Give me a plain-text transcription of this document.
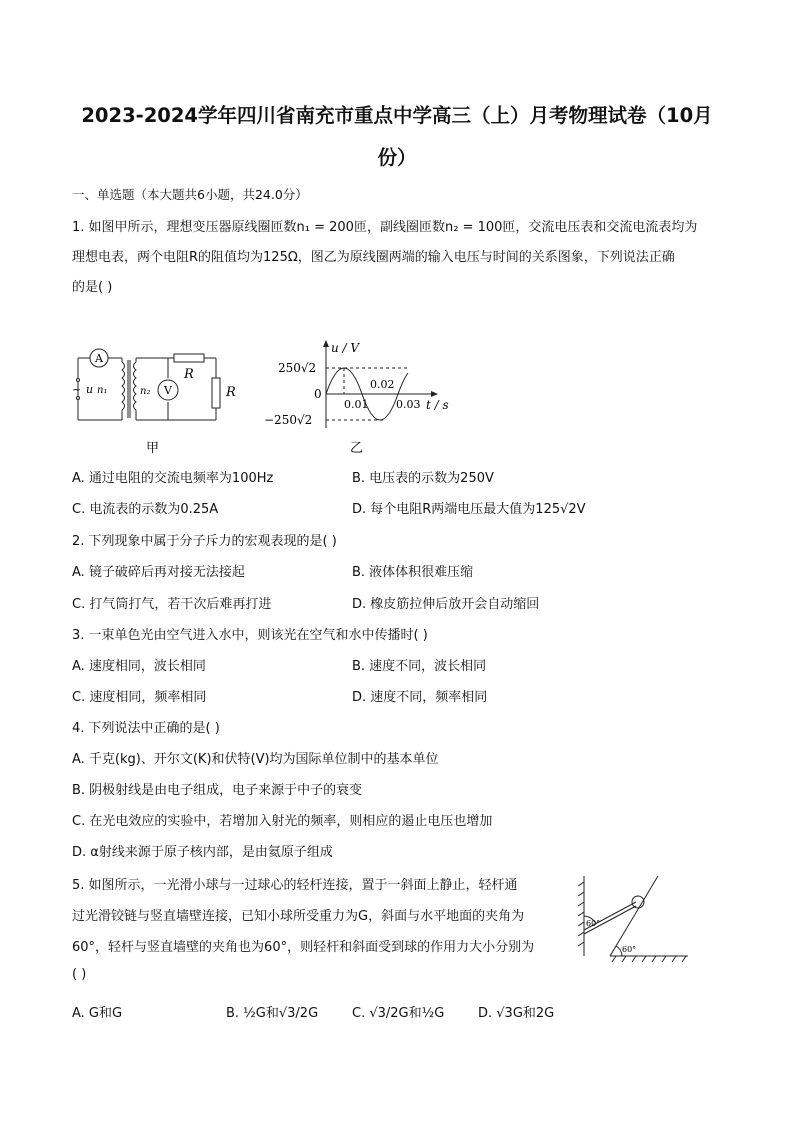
2023-2024学年四川省南充市重点中学高三（上）月考物理试卷（10月
份）
一、单选题（本大题共6小题，共24.0分）
1. 如图甲所示，理想变压器原线圈匝数n₁ = 200匝，副线圈匝数n₂ = 100匝，交流电压表和交流电流表均为
理想电表，两个电阻R的阻值均为125Ω，图乙为原线圈两端的输入电压与时间的关系图象，下列说法正确
的是( )
A
V
~ u n₁	n₂
R
R
甲
u / V
t / s
250√2
−250√2
0
0.01
0.02
0.03
乙
A. 通过电阻的交流电频率为100Hz	B. 电压表的示数为250V
C. 电流表的示数为0.25A	D. 每个电阻R两端电压最大值为125√2V
2. 下列现象中属于分子斥力的宏观表现的是( )
A. 镜子破碎后再对接无法接起	B. 液体体积很难压缩
C. 打气筒打气，若干次后难再打进	D. 橡皮筋拉伸后放开会自动缩回
3. 一束单色光由空气进入水中，则该光在空气和水中传播时( )
A. 速度相同，波长相同	B. 速度不同，波长相同
C. 速度相同，频率相同	D. 速度不同，频率相同
4. 下列说法中正确的是( )
A. 千克(kg)、开尔文(K)和伏特(V)均为国际单位制中的基本单位
B. 阴极射线是由电子组成，电子来源于中子的衰变
C. 在光电效应的实验中，若增加入射光的频率，则相应的遏止电压也增加
D. α射线来源于原子核内部，是由氦原子组成
5. 如图所示，一光滑小球与一过球心的轻杆连接，置于一斜面上静止，轻杆通
过光滑铰链与竖直墙壁连接，已知小球所受重力为G，斜面与水平地面的夹角为
60°，轻杆与竖直墙壁的夹角也为60°，则轻杆和斜面受到球的作用力大小分别为
( )
60°
60°
A. G和G	B. ½G和√3/2G	C. √3/2G和½G	D. √3G和2G
